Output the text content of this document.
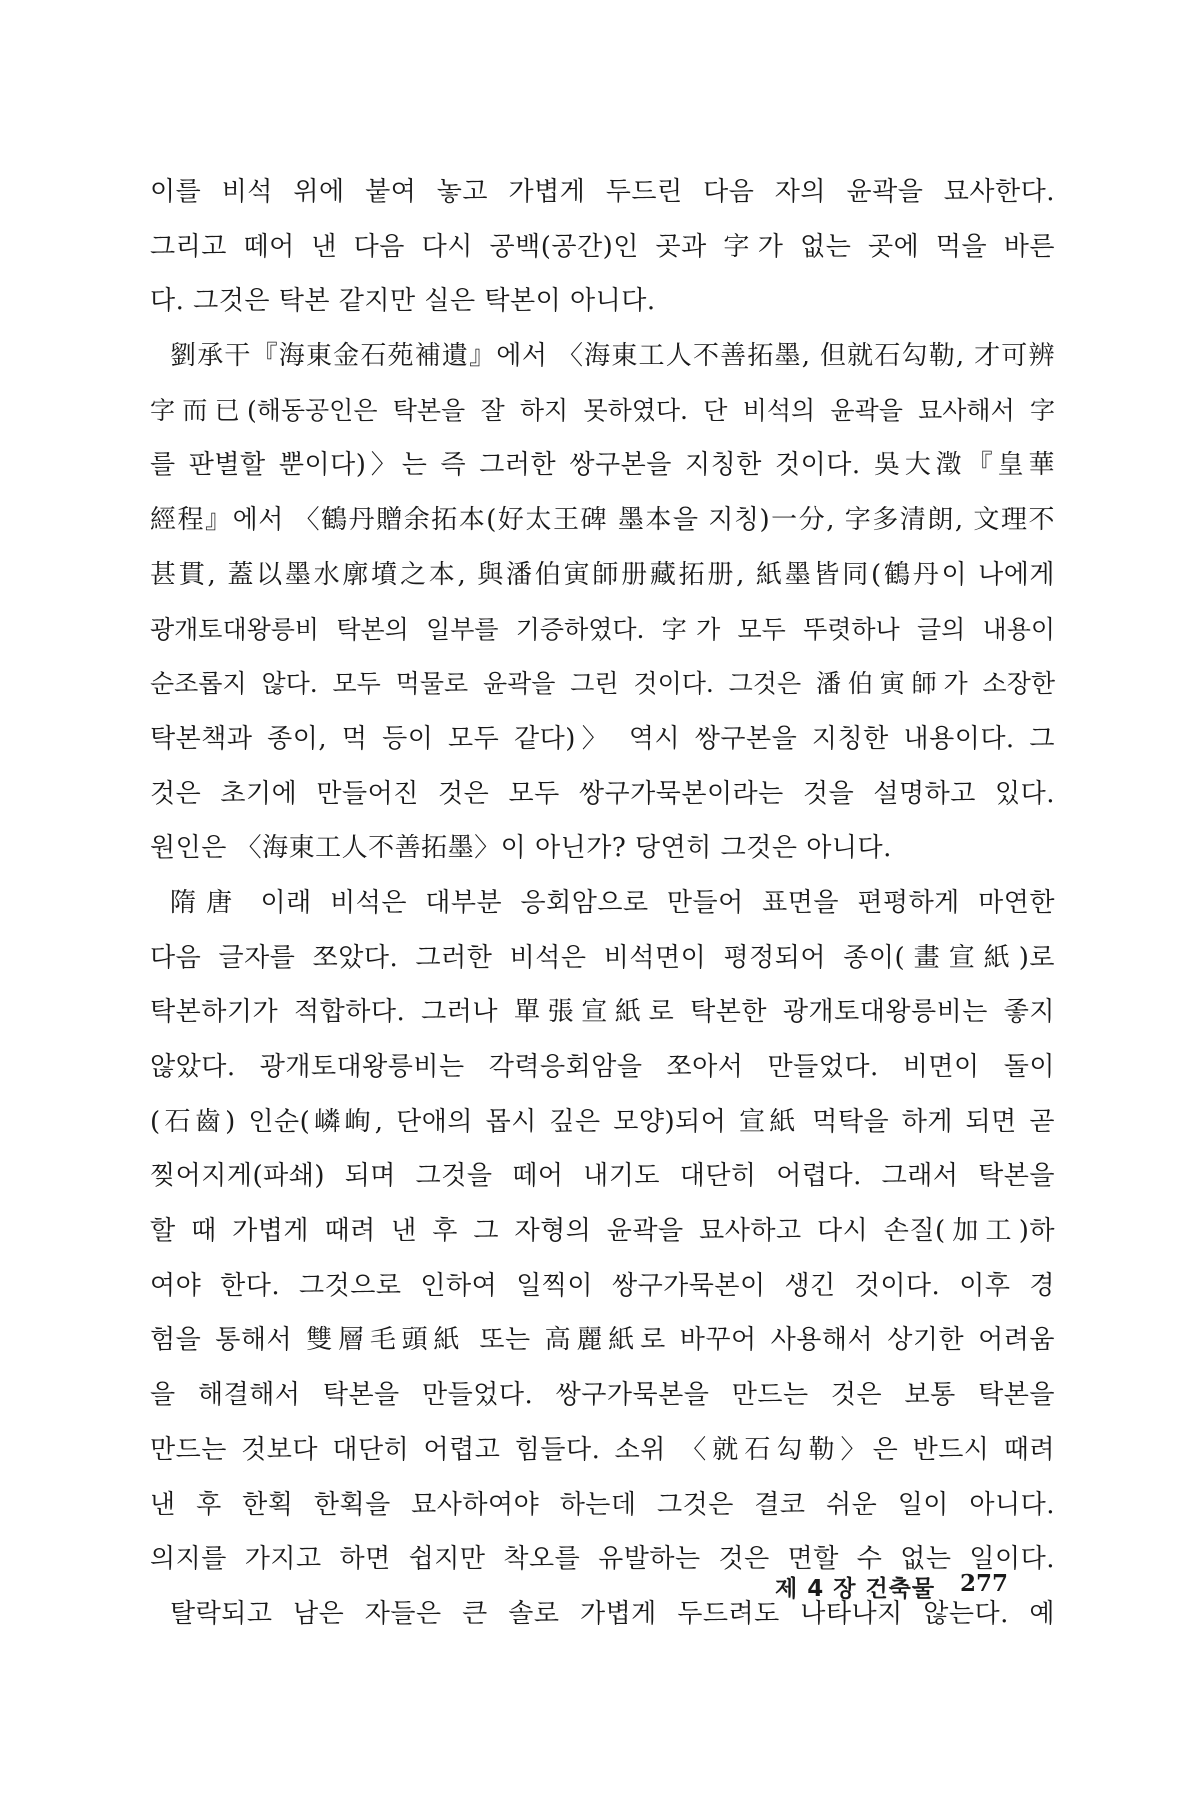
이를 비석 위에 붙여 놓고 가볍게 두드린 다음 자의 윤곽을 묘사한다.
그리고 떼어 낸 다음 다시 공백(공간)인 곳과 字가 없는 곳에 먹을 바른
다. 그것은 탁본 같지만 실은 탁본이 아니다.
劉承干『海東金石苑補遺』에서 〈海東工人不善拓墨, 但就石勾勒, 才可辨
字而已(해동공인은 탁본을 잘 하지 못하였다. 단 비석의 윤곽을 묘사해서 字
를 판별할 뿐이다)〉는 즉 그러한 쌍구본을 지칭한 것이다. 吳大澂『皇華
經程』에서 〈鶴丹贈余拓本(好太王碑 墨本을 지칭)一分, 字多清朗, 文理不
甚貫, 蓋以墨水廓墳之本, 與潘伯寅師册藏拓册, 紙墨皆同(鶴丹이 나에게
광개토대왕릉비 탁본의 일부를 기증하였다. 字가 모두 뚜렷하나 글의 내용이
순조롭지 않다. 모두 먹물로 윤곽을 그린 것이다. 그것은 潘伯寅師가 소장한
탁본책과 종이, 먹 등이 모두 같다)〉 역시 쌍구본을 지칭한 내용이다. 그
것은 초기에 만들어진 것은 모두 쌍구가묵본이라는 것을 설명하고 있다.
원인은 〈海東工人不善拓墨〉이 아닌가? 당연히 그것은 아니다.
隋唐 이래 비석은 대부분 응회암으로 만들어 표면을 편평하게 마연한
다음 글자를 쪼았다. 그러한 비석은 비석면이 평정되어 종이(畫宣紙)로
탁본하기가 적합하다. 그러나 單張宣紙로 탁본한 광개토대왕릉비는 좋지
않았다. 광개토대왕릉비는 각력응회암을 쪼아서 만들었다. 비면이 돌이
(石齒) 인순(嶙峋, 단애의 몹시 깊은 모양)되어 宣紙 먹탁을 하게 되면 곧
찢어지게(파쇄) 되며 그것을 떼어 내기도 대단히 어렵다. 그래서 탁본을
할 때 가볍게 때려 낸 후 그 자형의 윤곽을 묘사하고 다시 손질(加工)하
여야 한다. 그것으로 인하여 일찍이 쌍구가묵본이 생긴 것이다. 이후 경
험을 통해서 雙層毛頭紙 또는 高麗紙로 바꾸어 사용해서 상기한 어려움
을 해결해서 탁본을 만들었다. 쌍구가묵본을 만드는 것은 보통 탁본을
만드는 것보다 대단히 어렵고 힘들다. 소위 〈就石勾勒〉은 반드시 때려
낸 후 한획 한획을 묘사하여야 하는데 그것은 결코 쉬운 일이 아니다.
의지를 가지고 하면 쉽지만 착오를 유발하는 것은 면할 수 없는 일이다.
탈락되고 남은 자들은 큰 솔로 가볍게 두드려도 나타나지 않는다. 예
제 4 장 건축물 277
